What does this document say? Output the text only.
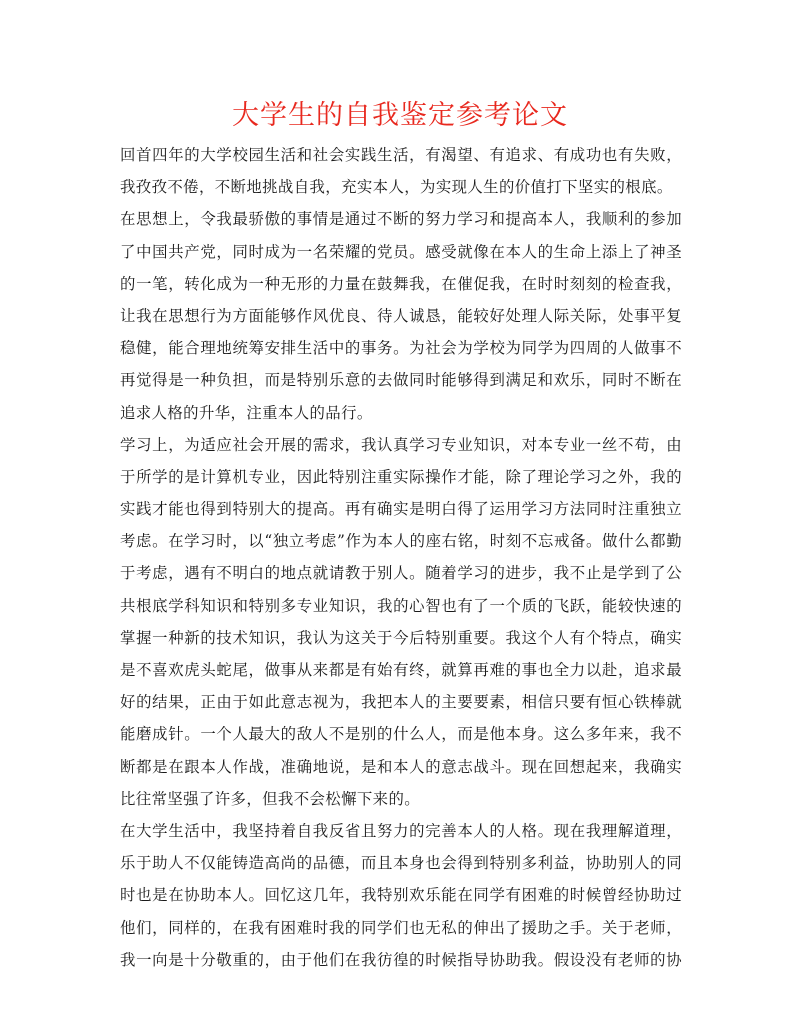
大学生的自我鉴定参考论文
回首四年的大学校园生活和社会实践生活，有渴望、有追求、有成功也有失败，
我孜孜不倦，不断地挑战自我，充实本人，为实现人生的价值打下坚实的根底。
在思想上，令我最骄傲的事情是通过不断的努力学习和提高本人，我顺利的参加
了中国共产党，同时成为一名荣耀的党员。感受就像在本人的生命上添上了神圣
的一笔，转化成为一种无形的力量在鼓舞我，在催促我，在时时刻刻的检查我，
让我在思想行为方面能够作风优良、待人诚恳，能较好处理人际关际，处事平复
稳健，能合理地统筹安排生活中的事务。为社会为学校为同学为四周的人做事不
再觉得是一种负担，而是特别乐意的去做同时能够得到满足和欢乐，同时不断在
追求人格的升华，注重本人的品行。
学习上，为适应社会开展的需求，我认真学习专业知识，对本专业一丝不苟，由
于所学的是计算机专业，因此特别注重实际操作才能，除了理论学习之外，我的
实践才能也得到特别大的提高。再有确实是明白得了运用学习方法同时注重独立
考虑。在学习时，以“独立考虑”作为本人的座右铭，时刻不忘戒备。做什么都勤
于考虑，遇有不明白的地点就请教于别人。随着学习的进步，我不止是学到了公
共根底学科知识和特别多专业知识，我的心智也有了一个质的飞跃，能较快速的
掌握一种新的技术知识，我认为这关于今后特别重要。我这个人有个特点，确实
是不喜欢虎头蛇尾，做事从来都是有始有终，就算再难的事也全力以赴，追求最
好的结果，正由于如此意志视为，我把本人的主要要素，相信只要有恒心铁棒就
能磨成针。一个人最大的敌人不是别的什么人，而是他本身。这么多年来，我不
断都是在跟本人作战，准确地说，是和本人的意志战斗。现在回想起来，我确实
比往常坚强了许多，但我不会松懈下来的。
在大学生活中，我坚持着自我反省且努力的完善本人的人格。现在我理解道理，
乐于助人不仅能铸造高尚的品德，而且本身也会得到特别多利益，协助别人的同
时也是在协助本人。回忆这几年，我特别欢乐能在同学有困难的时候曾经协助过
他们，同样的，在我有困难时我的同学们也无私的伸出了援助之手。关于老师，
我一向是十分敬重的，由于他们在我彷徨的时候指导协助我。假设没有老师的协
